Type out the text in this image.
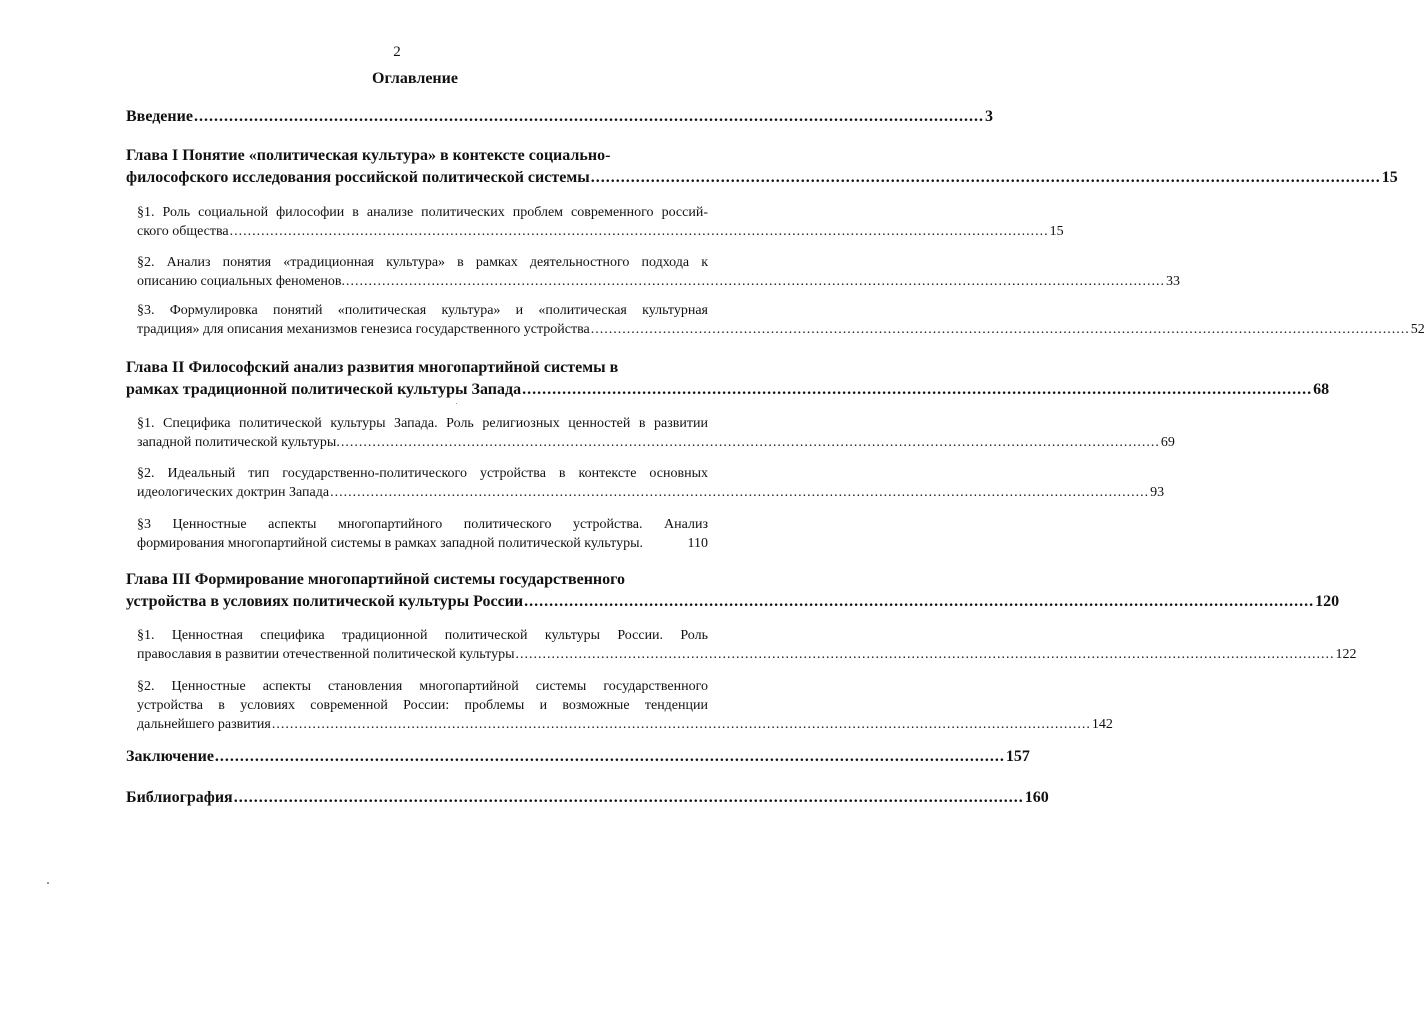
2
Оглавление
Введение .............................................................................................................................................................. 3
Глава I Понятие «политическая культура» в контексте социально-
философского исследования российской политической системы .............................................................................................................................................................. 15
§1. Роль социальной философии в анализе политических проблем современного россий-
ского общества ...................................................................................................................................................................................... 15
§2. Анализ понятия «традиционная культура» в рамках деятельностного подхода к
описанию социальных феноменов. ...................................................................................................................................................................................... 33
§3. Формулировка понятий «политическая культура» и «политическая культурная
традиция» для описания механизмов генезиса государственного устройства ...................................................................................................................................................................................... 52
Глава II Философский анализ развития многопартийной системы в
рамках традиционной политической культуры Запада .............................................................................................................................................................. 68
§1. Специфика политической культуры Запада. Роль религиозных ценностей в развитии
западной политической культуры. ...................................................................................................................................................................................... 69
§2. Идеальный тип государственно-политического устройства в контексте основных
идеологических доктрин Запада ...................................................................................................................................................................................... 93
§3 Ценностные аспекты многопартийного политического устройства. Анализ
формирования многопартийной системы в рамках западной политической культуры.	110
Глава III Формирование многопартийной системы государственного
устройства в условиях политической культуры России .............................................................................................................................................................. 120
§1. Ценностная специфика традиционной политической культуры России. Роль
православия в развитии отечественной политической культуры ...................................................................................................................................................................................... 122
§2. Ценностные аспекты становления многопартийной системы государственного
устройства в условиях современной России: проблемы и возможные тенденции
дальнейшего развития ...................................................................................................................................................................................... 142
Заключение .............................................................................................................................................................. 157
Библиография .............................................................................................................................................................. 160
